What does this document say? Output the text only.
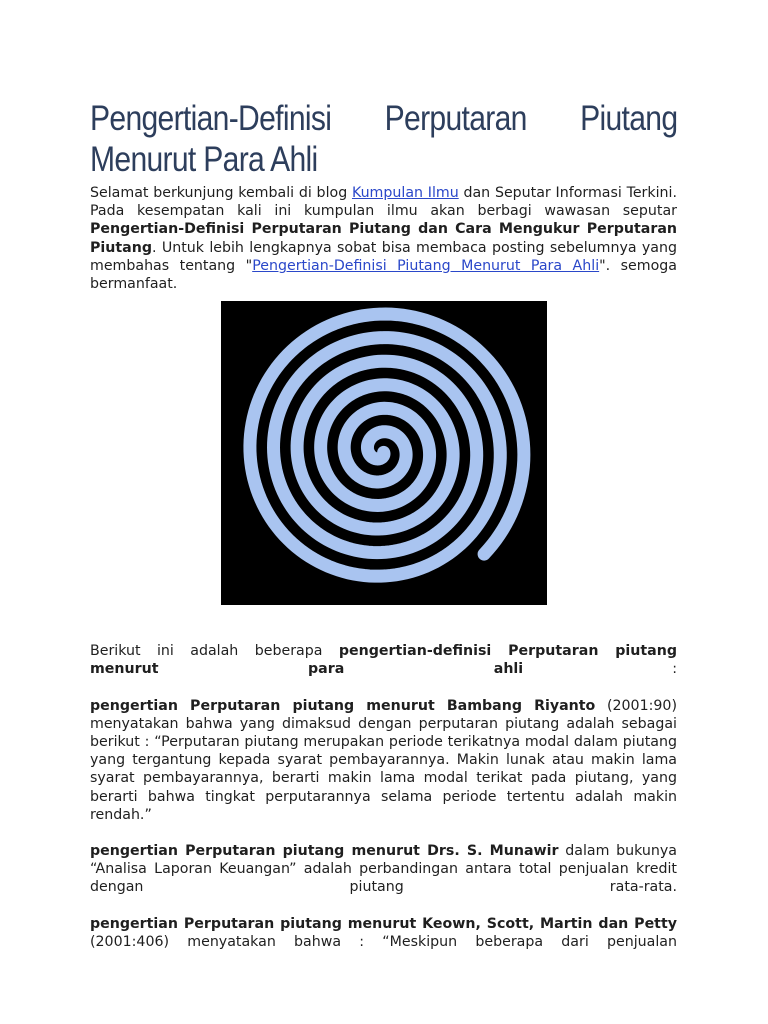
Pengertian-Definisi Perputaran Piutang Menurut Para Ahli

Selamat berkunjung kembali di blog Kumpulan Ilmu dan Seputar Informasi Terkini. Pada kesempatan kali ini kumpulan ilmu akan berbagi wawasan seputar Pengertian-Definisi Perputaran Piutang dan Cara Mengukur Perputaran Piutang. Untuk lebih lengkapnya sobat bisa membaca posting sebelumnya yang membahas tentang "Pengertian-Definisi Piutang Menurut Para Ahli". semoga bermanfaat.

Berikut ini adalah beberapa pengertian-definisi Perputaran piutang menurut para ahli :

pengertian Perputaran piutang menurut Bambang Riyanto (2001:90) menyatakan bahwa yang dimaksud dengan perputaran piutang adalah sebagai berikut : “Perputaran piutang merupakan periode terikatnya modal dalam piutang yang tergantung kepada syarat pembayarannya. Makin lunak atau makin lama syarat pembayarannya, berarti makin lama modal terikat pada piutang, yang berarti bahwa tingkat perputarannya selama periode tertentu adalah makin rendah.”

pengertian Perputaran piutang menurut Drs. S. Munawir dalam bukunya “Analisa Laporan Keuangan” adalah perbandingan antara total penjualan kredit dengan piutang rata-rata.

pengertian Perputaran piutang menurut Keown, Scott, Martin dan Petty (2001:406) menyatakan bahwa : “Meskipun beberapa dari penjualan
